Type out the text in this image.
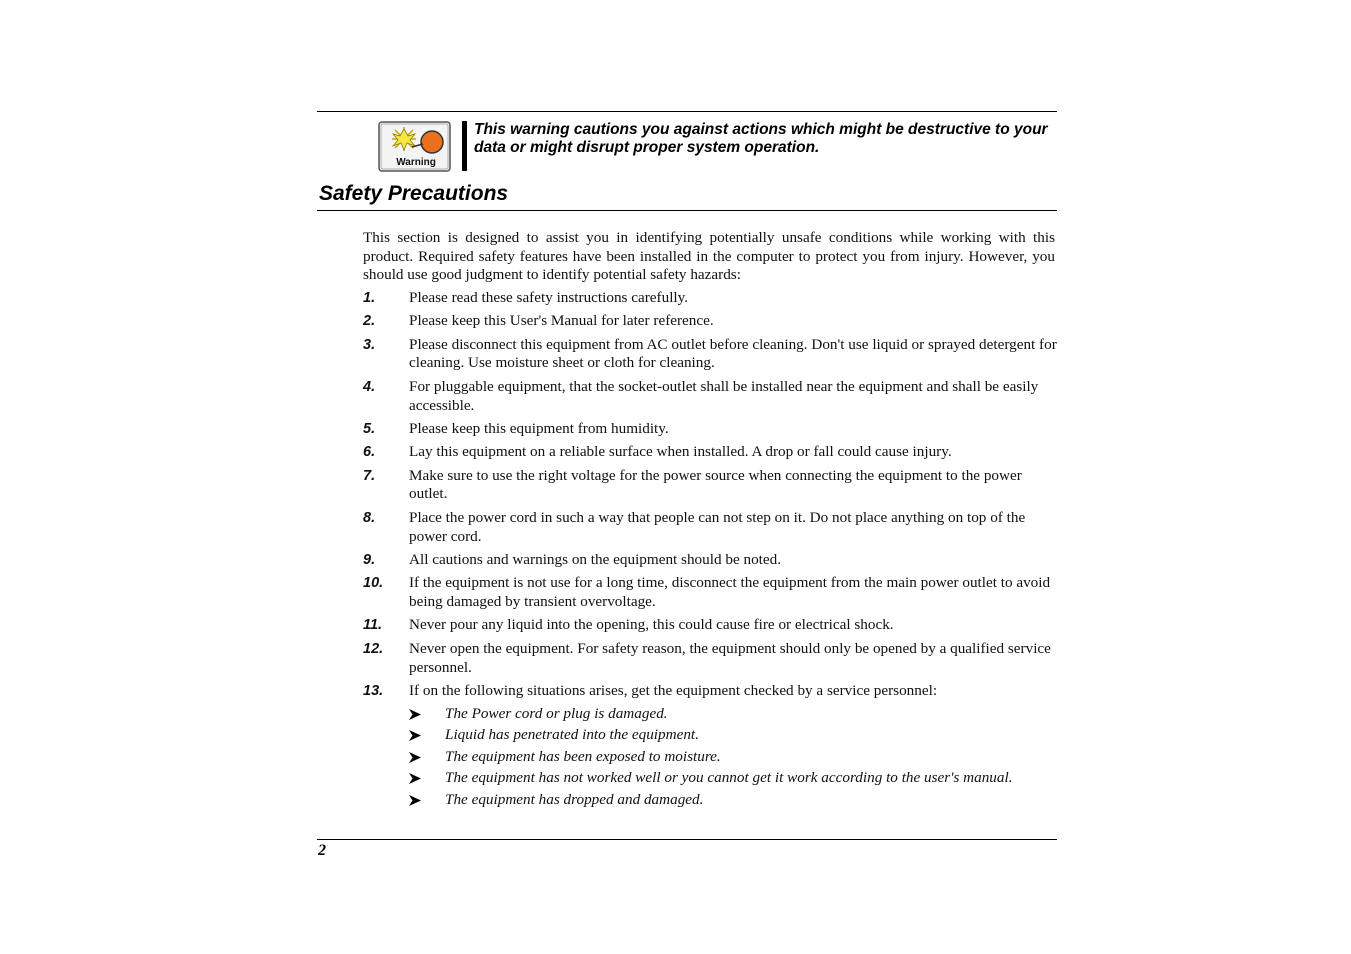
Warning
This warning cautions you against actions which might be destructive to your data or might disrupt proper system operation.
Safety Precautions

This section is designed to assist you in identifying potentially unsafe conditions while working with this product. Required safety features have been installed in the computer to protect you from injury. However, you should use good judgment to identify potential safety hazards:

1. Please read these safety instructions carefully.
2. Please keep this User's Manual for later reference.
3. Please disconnect this equipment from AC outlet before cleaning. Don't use liquid or sprayed detergent for cleaning. Use moisture sheet or cloth for cleaning.
4. For pluggable equipment, that the socket-outlet shall be installed near the equipment and shall be easily accessible.
5. Please keep this equipment from humidity.
6. Lay this equipment on a reliable surface when installed. A drop or fall could cause injury.
7. Make sure to use the right voltage for the power source when connecting the equipment to the power outlet.
8. Place the power cord in such a way that people can not step on it. Do not place anything on top of the power cord.
9. All cautions and warnings on the equipment should be noted.
10. If the equipment is not use for a long time, disconnect the equipment from the main power outlet to avoid being damaged by transient overvoltage.
11. Never pour any liquid into the opening, this could cause fire or electrical shock.
12. Never open the equipment. For safety reason, the equipment should only be opened by a qualified service personnel.
13. If on the following situations arises, get the equipment checked by a service personnel:
The Power cord or plug is damaged.
Liquid has penetrated into the equipment.
The equipment has been exposed to moisture.
The equipment has not worked well or you cannot get it work according to the user's manual.
The equipment has dropped and damaged.
2
